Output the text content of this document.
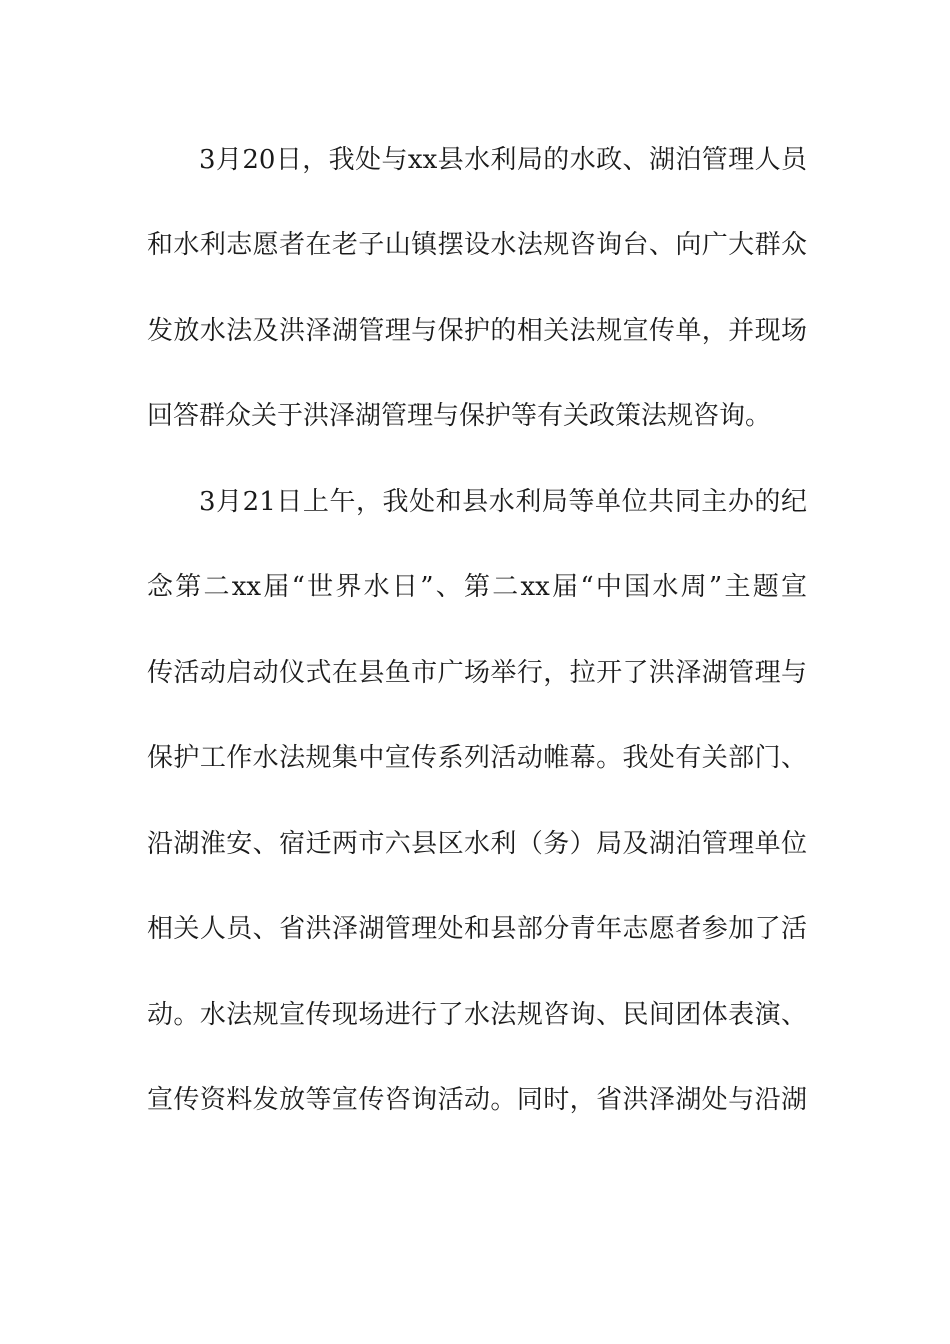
3月20日，我处与xx县水利局的水政、湖泊管理人员
和水利志愿者在老子山镇摆设水法规咨询台、向广大群众
发放水法及洪泽湖管理与保护的相关法规宣传单，并现场
回答群众关于洪泽湖管理与保护等有关政策法规咨询。
3月21日上午，我处和县水利局等单位共同主办的纪
念第二xx届“世界水日”、第二xx届“中国水周”主题宣
传活动启动仪式在县鱼市广场举行，拉开了洪泽湖管理与
保护工作水法规集中宣传系列活动帷幕。我处有关部门、
沿湖淮安、宿迁两市六县区水利（务）局及湖泊管理单位
相关人员、省洪泽湖管理处和县部分青年志愿者参加了活
动。水法规宣传现场进行了水法规咨询、民间团体表演、
宣传资料发放等宣传咨询活动。同时，省洪泽湖处与沿湖
